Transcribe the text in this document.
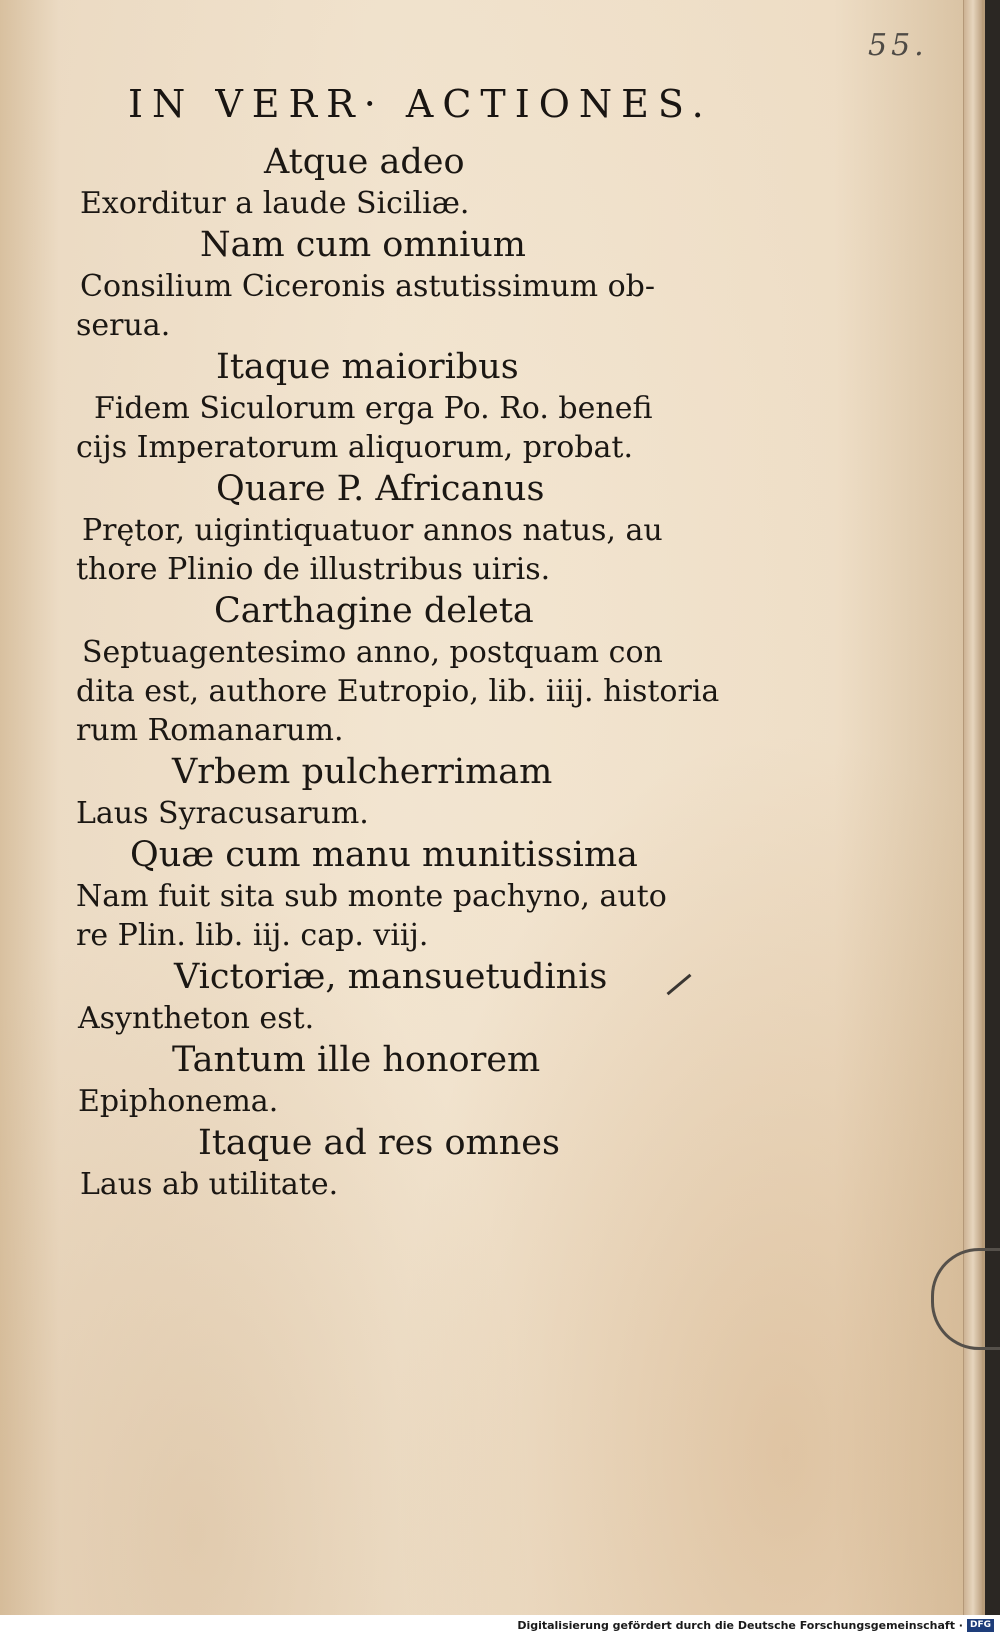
55.
IN VERR· ACTIONES.
Atque adeo
Exorditur a laude Siciliæ.
Nam cum omnium
Consilium Ciceronis astutissimum ob-
serua.
Itaque maioribus
Fidem Siculorum erga Po. Ro. benefi
cijs Imperatorum aliquorum, probat.
Quare P. Africanus
Prętor, uigintiquatuor annos natus, au
thore Plinio de illustribus uiris.
Carthagine deleta
Septuagentesimo anno, postquam con
dita est, authore Eutropio, lib. iiij. historia
rum Romanarum.
Vrbem pulcherrimam
Laus Syracusarum.
Quæ cum manu munitissima
Nam fuit sita sub monte pachyno, auto
re Plin. lib. iij. cap. viij.
Victoriæ, mansuetudinis
Asyntheton est.
Tantum ille honorem
Epiphonema.
Itaque ad res omnes
Laus ab utilitate.
Digitalisierung gefördert durch die Deutsche Forschungsgemeinschaft · DFG
